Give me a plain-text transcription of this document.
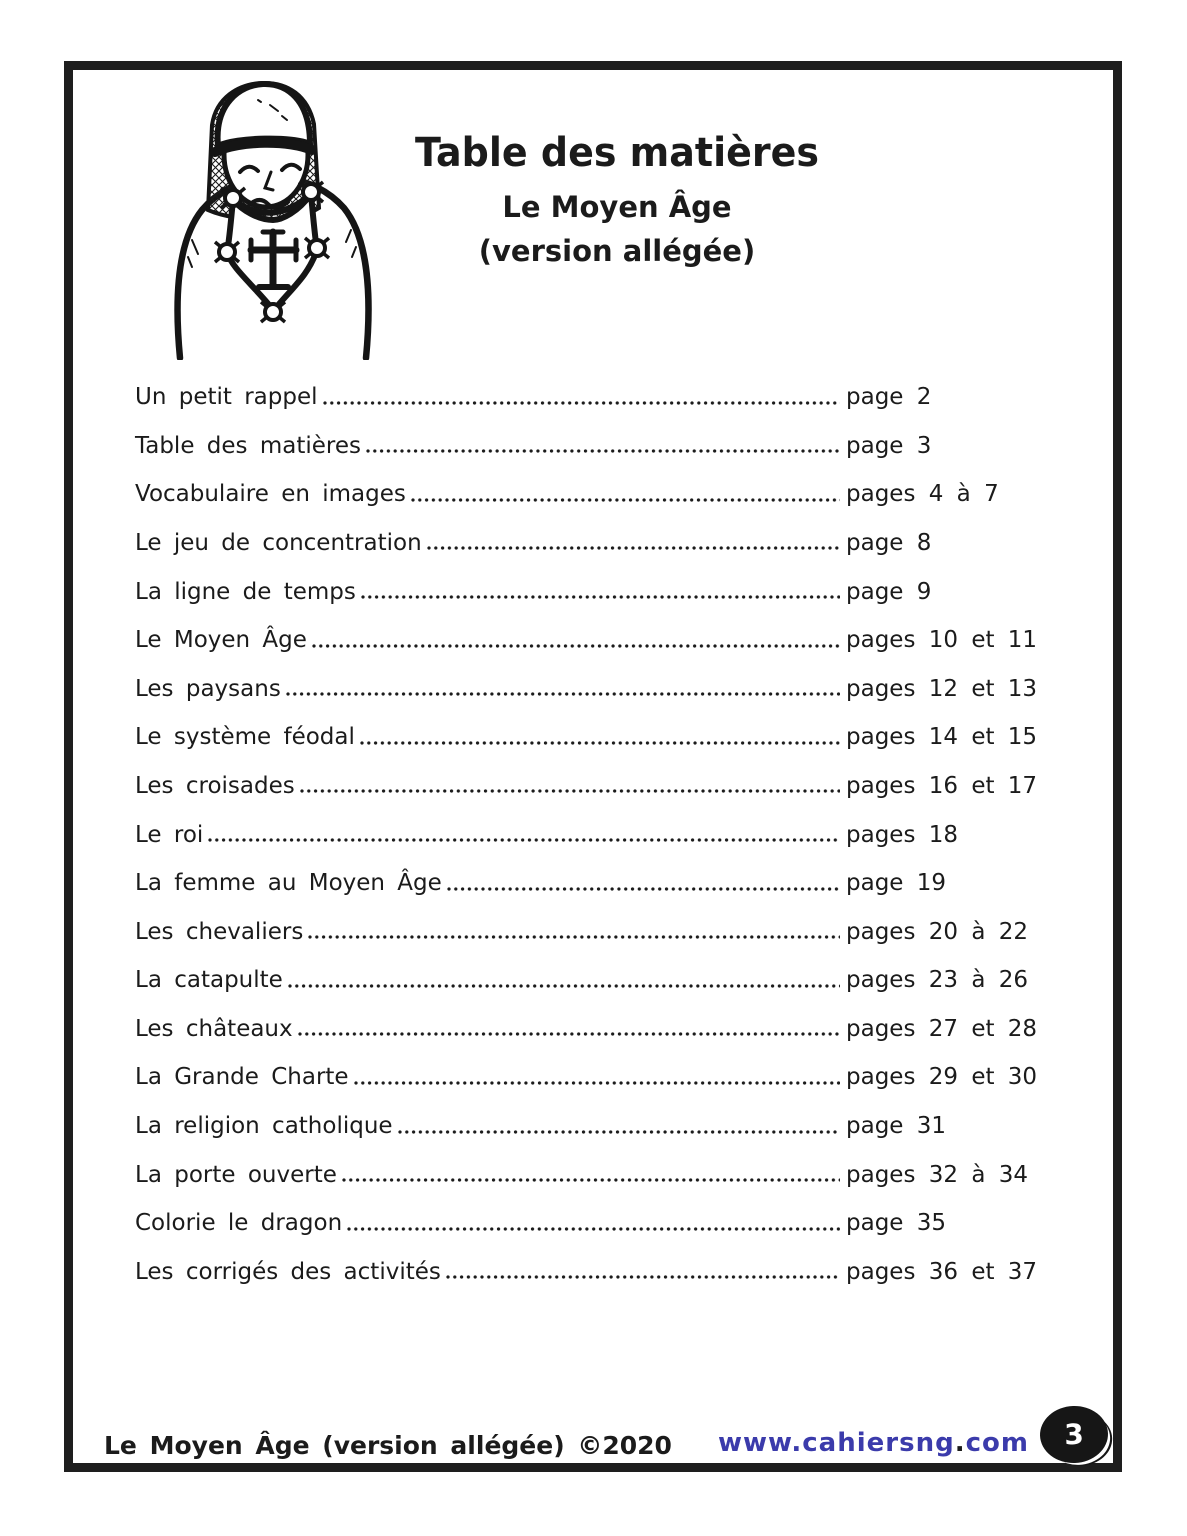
Table des matières
Le Moyen Âge
(version allégée)
Un petit rappel	page 2
Table des matières	page 3
Vocabulaire en images	pages 4 à 7
Le jeu de concentration	page 8
La ligne de temps	page 9
Le Moyen Âge	pages 10 et 11
Les paysans	pages 12 et 13
Le système féodal	pages 14 et 15
Les croisades	pages 16 et 17
Le roi	pages 18
La femme au Moyen Âge	page 19
Les chevaliers	pages 20 à 22
La catapulte	pages 23 à 26
Les châteaux	pages 27 et 28
La Grande Charte	pages 29 et 30
La religion catholique	page 31
La porte ouverte	pages 32 à 34
Colorie le dragon	page 35
Les corrigés des activités	pages 36 et 37
Le Moyen Âge (version allégée) ©2020 www.cahiersng.com 3
